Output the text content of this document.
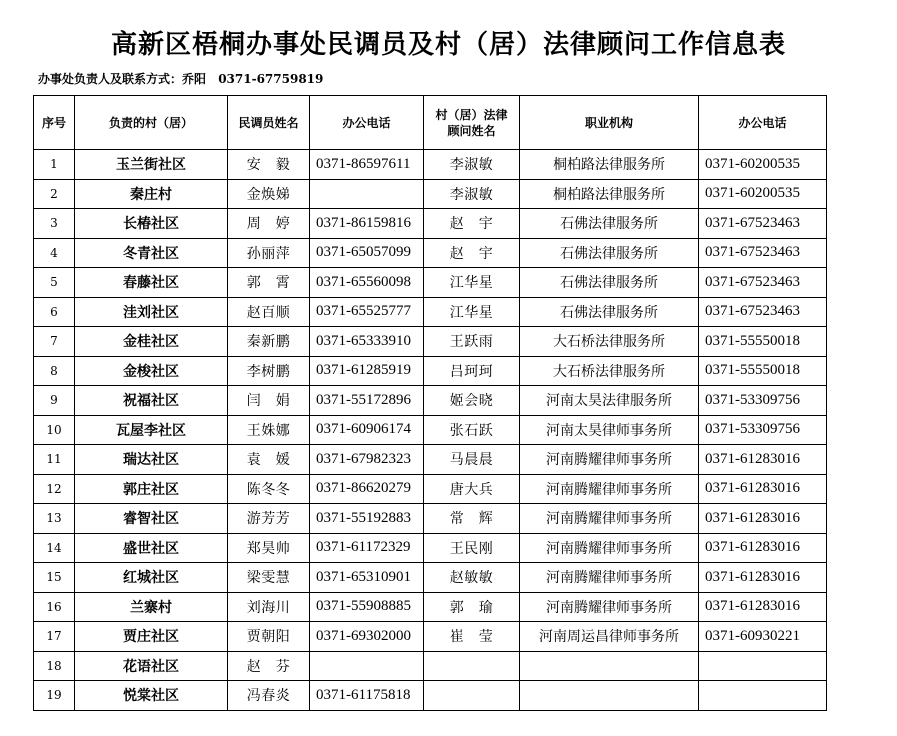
高新区梧桐办事处民调员及村（居）法律顾问工作信息表
办事处负责人及联系方式：乔阳 0371-67759819
序号	负责的村（居）	民调员姓名	办公电话	村（居）法律
顾问姓名	职业机构	办公电话
1	玉兰街社区	安　毅	0371-86597611	李淑敏	桐柏路法律服务所	0371-60200535
2	秦庄村	金焕娣		李淑敏	桐柏路法律服务所	0371-60200535
3	长椿社区	周　婷	0371-86159816	赵　宇	石佛法律服务所	0371-67523463
4	冬青社区	孙丽萍	0371-65057099	赵　宇	石佛法律服务所	0371-67523463
5	春藤社区	郭　霄	0371-65560098	江华星	石佛法律服务所	0371-67523463
6	洼刘社区	赵百顺	0371-65525777	江华星	石佛法律服务所	0371-67523463
7	金桂社区	秦新鹏	0371-65333910	王跃雨	大石桥法律服务所	0371-55550018
8	金梭社区	李树鹏	0371-61285919	吕珂珂	大石桥法律服务所	0371-55550018
9	祝福社区	闫　娟	0371-55172896	姬会晓	河南太昊法律服务所	0371-53309756
10	瓦屋李社区	王姝娜	0371-60906174	张石跃	河南太昊律师事务所	0371-53309756
11	瑞达社区	袁　媛	0371-67982323	马晨晨	河南腾耀律师事务所	0371-61283016
12	郭庄社区	陈冬冬	0371-86620279	唐大兵	河南腾耀律师事务所	0371-61283016
13	睿智社区	游芳芳	0371-55192883	常　辉	河南腾耀律师事务所	0371-61283016
14	盛世社区	郑昊帅	0371-61172329	王民刚	河南腾耀律师事务所	0371-61283016
15	红城社区	梁雯慧	0371-65310901	赵敏敏	河南腾耀律师事务所	0371-61283016
16	兰寨村	刘海川	0371-55908885	郭　瑜	河南腾耀律师事务所	0371-61283016
17	贾庄社区	贾朝阳	0371-69302000	崔　莹	河南周运昌律师事务所	0371-60930221
18	花语社区	赵　芬				
19	悦棠社区	冯春炎	0371-61175818			
